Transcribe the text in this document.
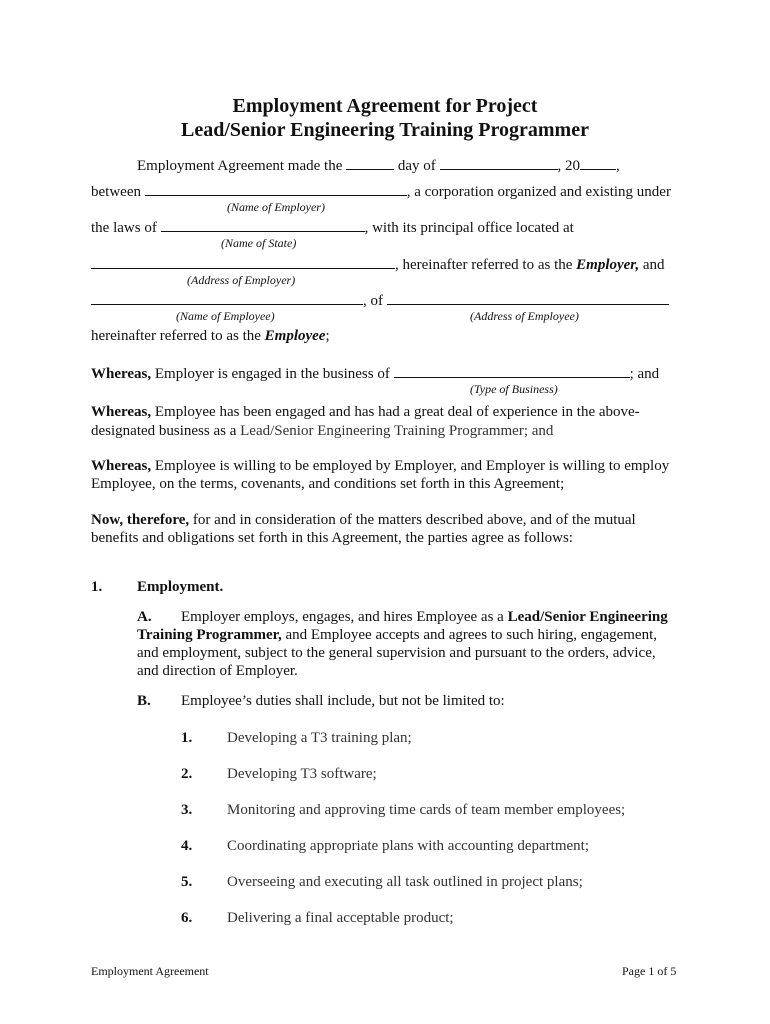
Employment Agreement for Project
Lead/Senior Engineering Training Programmer
Employment Agreement made the	day of	, 20 ,
between	, a corporation organized and existing under
(Name of Employer)
the laws of	, with its principal office located at
(Name of State)
, hereinafter referred to as the Employer, and
(Address of Employer)
, of
(Name of Employee)	(Address of Employee)
hereinafter referred to as the Employee;
Whereas, Employer is engaged in the business of	; and
(Type of Business)
Whereas, Employee has been engaged and has had a great deal of experience in the above-
designated business as a Lead/Senior Engineering Training Programmer; and
Whereas, Employee is willing to be employed by Employer, and Employer is willing to employ
Employee, on the terms, covenants, and conditions set forth in this Agreement;
Now, therefore, for and in consideration of the matters described above, and of the mutual
benefits and obligations set forth in this Agreement, the parties agree as follows:
1. Employment.
A. Employer employs, engages, and hires Employee as a Lead/Senior Engineering
Training Programmer, and Employee accepts and agrees to such hiring, engagement,
and employment, subject to the general supervision and pursuant to the orders, advice,
and direction of Employer.
B. Employee’s duties shall include, but not be limited to:
1. Developing a T3 training plan;
2. Developing T3 software;
3. Monitoring and approving time cards of team member employees;
4. Coordinating appropriate plans with accounting department;
5. Overseeing and executing all task outlined in project plans;
6. Delivering a final acceptable product;
Employment Agreement	Page 1 of 5
